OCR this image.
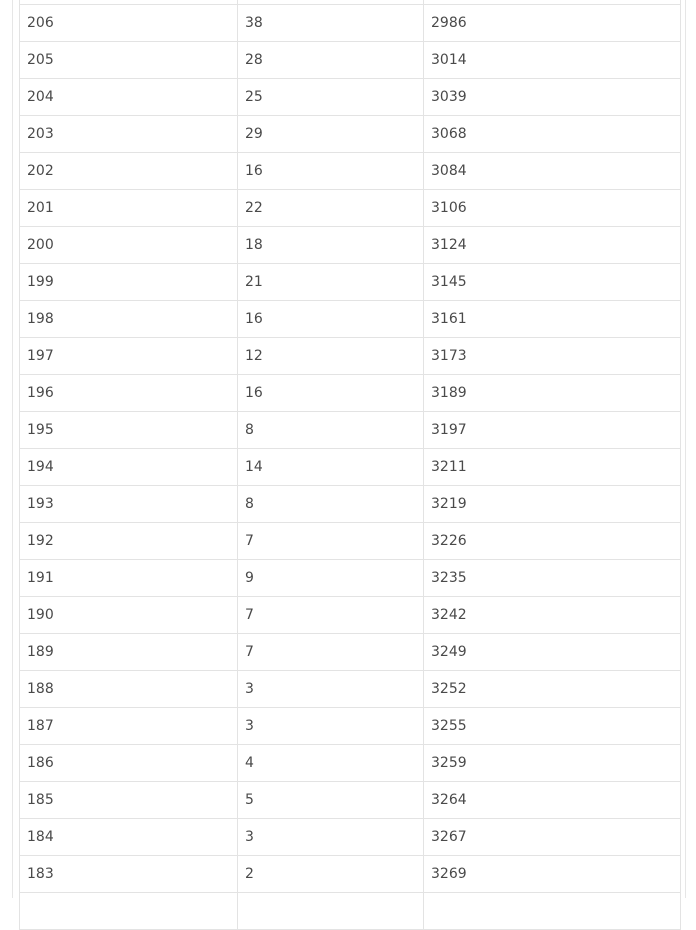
206	38	2986
205	28	3014
204	25	3039
203	29	3068
202	16	3084
201	22	3106
200	18	3124
199	21	3145
198	16	3161
197	12	3173
196	16	3189
195	8	3197
194	14	3211
193	8	3219
192	7	3226
191	9	3235
190	7	3242
189	7	3249
188	3	3252
187	3	3255
186	4	3259
185	5	3264
184	3	3267
183	2	3269
